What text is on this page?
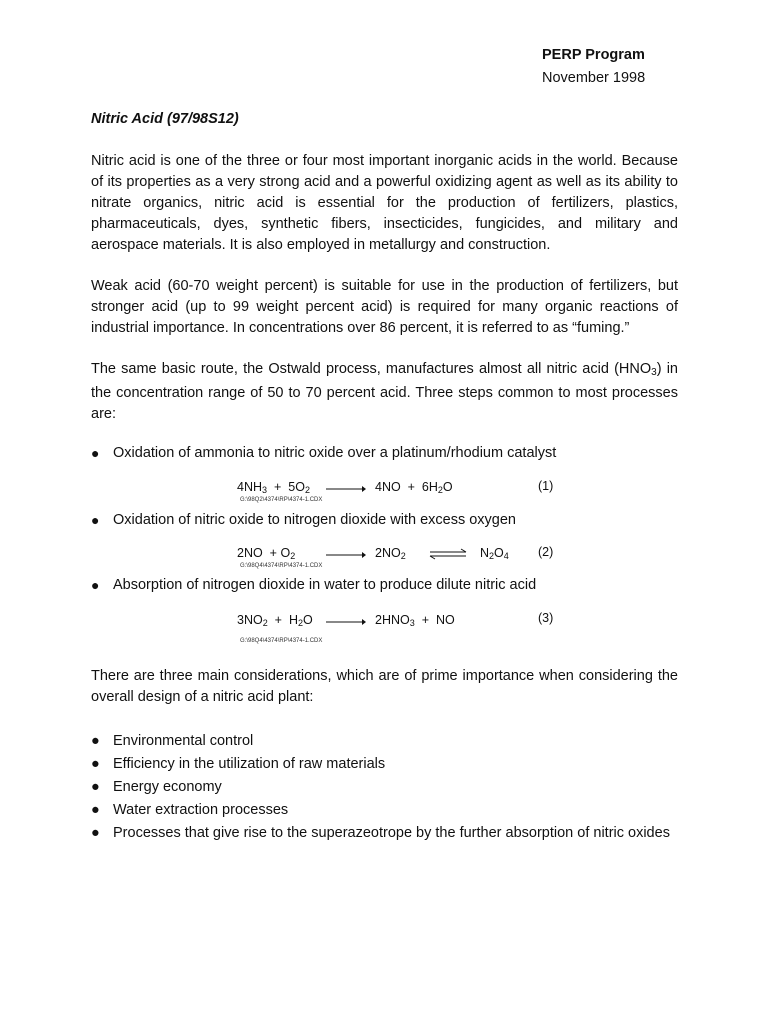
PERP Program
November 1998
Nitric Acid (97/98S12)

Nitric acid is one of the three or four most important inorganic acids in the world. Because of its properties as a very strong acid and a powerful oxidizing agent as well as its ability to nitrate organics, nitric acid is essential for the production of fertilizers, plastics, pharmaceuticals, dyes, synthetic fibers, insecticides, fungicides, and military and aerospace materials. It is also employed in metallurgy and construction.

Weak acid (60-70 weight percent) is suitable for use in the production of fertilizers, but stronger acid (up to 99 weight percent acid) is required for many organic reactions of industrial importance. In concentrations over 86 percent, it is referred to as “fuming.”

The same basic route, the Ostwald process, manufactures almost all nitric acid $(HNO_3)$ in the concentration range of 50 to 70 percent acid. Three steps common to most processes are:

● Oxidation of ammonia to nitric oxide over a platinum/rhodium catalyst
$4NH_3 + 5O_2 \to 4NO + 6H_2O$	(1)
G:\98Q2\4374\RP\4374-1.CDX
● Oxidation of nitric oxide to nitrogen dioxide with excess oxygen
$2NO + O_2 \to 2NO_2$ ⇌ $N_2O_4$ (2)
G:\98Q4\4374\RP\4374-1.CDX
● Absorption of nitrogen dioxide in water to produce dilute nitric acid
$3NO_2 + H_2O \to 2HNO_3$ + NO	(3)
G:\98Q4\4374\RP\4374-1.CDX

There are three main considerations, which are of prime importance when considering the overall design of a nitric acid plant:

● Environmental control
● Efficiency in the utilization of raw materials
● Energy economy
● Water extraction processes
● Processes that give rise to the superazeotrope by the further absorption of nitric oxides
